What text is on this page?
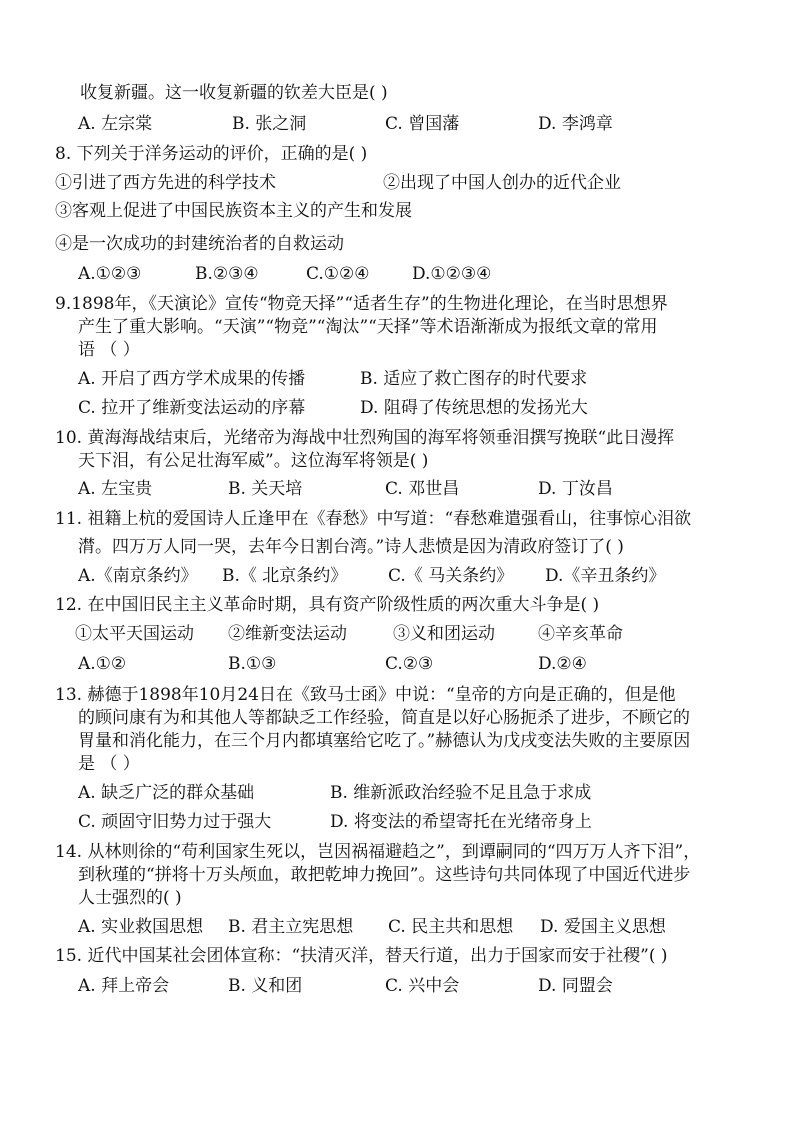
收复新疆。这一收复新疆的钦差大臣是( )
A. 左宗棠	B. 张之洞	C. 曾国藩	D. 李鸿章
8. 下列关于洋务运动的评价，正确的是( )
①引进了西方先进的科学技术	②出现了中国人创办的近代企业
③客观上促进了中国民族资本主义的产生和发展
④是一次成功的封建统治者的自救运动
A.①②③	B.②③④	C.①②④ D.①②③④
9.1898年，《天演论》宣传“物竞天择”“适者生存”的生物进化理论，在当时思想界
产生了重大影响。“天演”“物竞”“淘汰”“天择”等术语渐渐成为报纸文章的常用
语 （ ）
A. 开启了西方学术成果的传播	B. 适应了救亡图存的时代要求
C. 拉开了维新变法运动的序幕	D. 阻碍了传统思想的发扬光大
10. 黄海海战结束后，光绪帝为海战中壮烈殉国的海军将领垂泪撰写挽联“此日漫挥
天下泪，有公足壮海军威”。这位海军将领是( )
A. 左宝贵	B. 关天培	C. 邓世昌	D. 丁汝昌
11. 祖籍上杭的爱国诗人丘逢甲在《春愁》中写道：“春愁难遣强看山，往事惊心泪欲
潸。四万万人同一哭，去年今日割台湾。”诗人悲愤是因为清政府签订了( )
A.《南京条约》 B.《 北京条约》 C.《 马关条约》 D.《辛丑条约》
12. 在中国旧民主主义革命时期，具有资产阶级性质的两次重大斗争是( )
①太平天国运动 ②维新变法运动	③义和团运动	④辛亥革命
A.①②	B.①③	C.②③	D.②④
13. 赫德于1898年10月24日在《致马士函》中说：“皇帝的方向是正确的，但是他
的顾问康有为和其他人等都缺乏工作经验，简直是以好心肠扼杀了进步，不顾它的
胃量和消化能力，在三个月内都填塞给它吃了。”赫德认为戊戌变法失败的主要原因
是 （ ）
A. 缺乏广泛的群众基础	B. 维新派政治经验不足且急于求成
C. 顽固守旧势力过于强大	D. 将变法的希望寄托在光绪帝身上
14. 从林则徐的“苟利国家生死以，岂因祸福避趋之”，到谭嗣同的“四万万人齐下泪”，
到秋瑾的“拼将十万头颅血，敢把乾坤力挽回”。这些诗句共同体现了中国近代进步
人士强烈的( )
A. 实业救国思想 B. 君主立宪思想 C. 民主共和思想 D. 爱国主义思想
15. 近代中国某社会团体宣称：“扶清灭洋，替天行道，出力于国家而安于社稷”( )
A. 拜上帝会	B. 义和团	C. 兴中会	D. 同盟会
